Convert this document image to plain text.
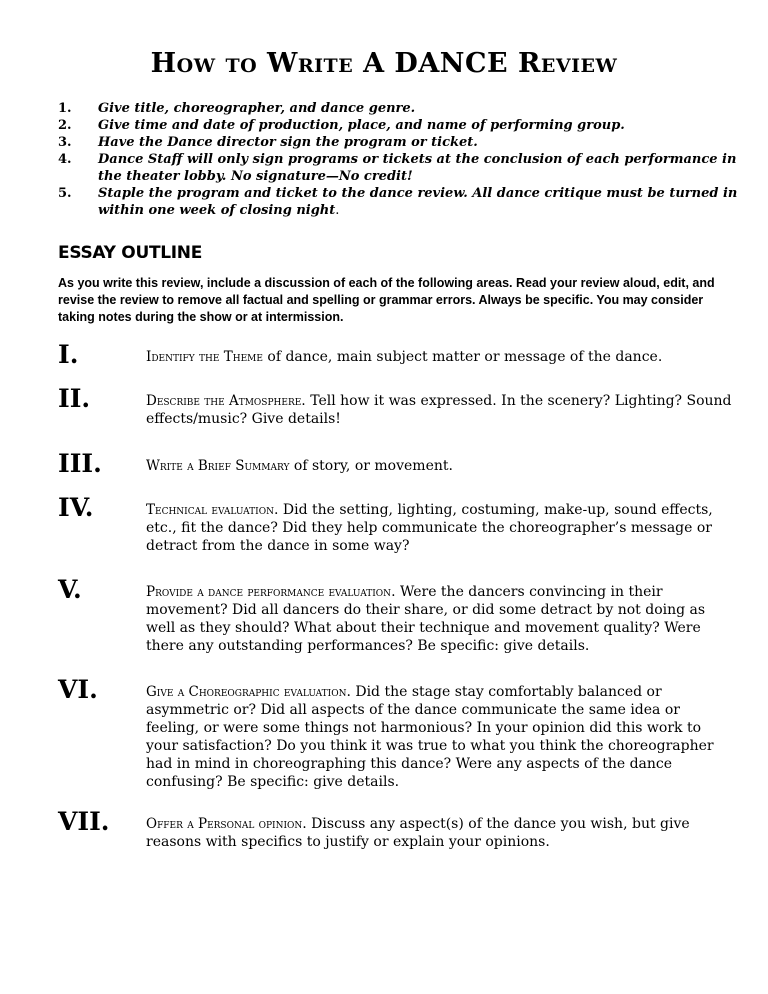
How to Write A DANCE Review
1.	Give title, choreographer, and dance genre.
2.	Give time and date of production, place, and name of performing group.
3.	Have the Dance director sign the program or ticket.
4.	Dance Staff will only sign programs or tickets at the conclusion of each performance in the theater lobby. No signature—No credit!
5.	Staple the program and ticket to the dance review. All dance critique must be turned in within one week of closing night.
ESSAY OUTLINE
As you write this review, include a discussion of each of the following areas. Read your review aloud, edit, and revise the review to remove all factual and spelling or grammar errors. Always be specific. You may consider taking notes during the show or at intermission.
I.	Identify the Theme of dance, main subject matter or message of the dance.
II.	Describe the Atmosphere. Tell how it was expressed. In the scenery? Lighting? Sound effects/music? Give details!
III.	Write a Brief Summary of story, or movement.
IV.	Technical evaluation. Did the setting, lighting, costuming, make-up, sound effects, etc., fit the dance? Did they help communicate the choreographer’s message or detract from the dance in some way?
V.	Provide a dance performance evaluation. Were the dancers convincing in their movement? Did all dancers do their share, or did some detract by not doing as well as they should? What about their technique and movement quality? Were there any outstanding performances? Be specific: give details.
VI.	Give a Choreographic evaluation. Did the stage stay comfortably balanced or asymmetric or? Did all aspects of the dance communicate the same idea or feeling, or were some things not harmonious? In your opinion did this work to your satisfaction? Do you think it was true to what you think the choreographer had in mind in choreographing this dance? Were any aspects of the dance confusing? Be specific: give details.
VII.	Offer a Personal opinion. Discuss any aspect(s) of the dance you wish, but give reasons with specifics to justify or explain your opinions.
